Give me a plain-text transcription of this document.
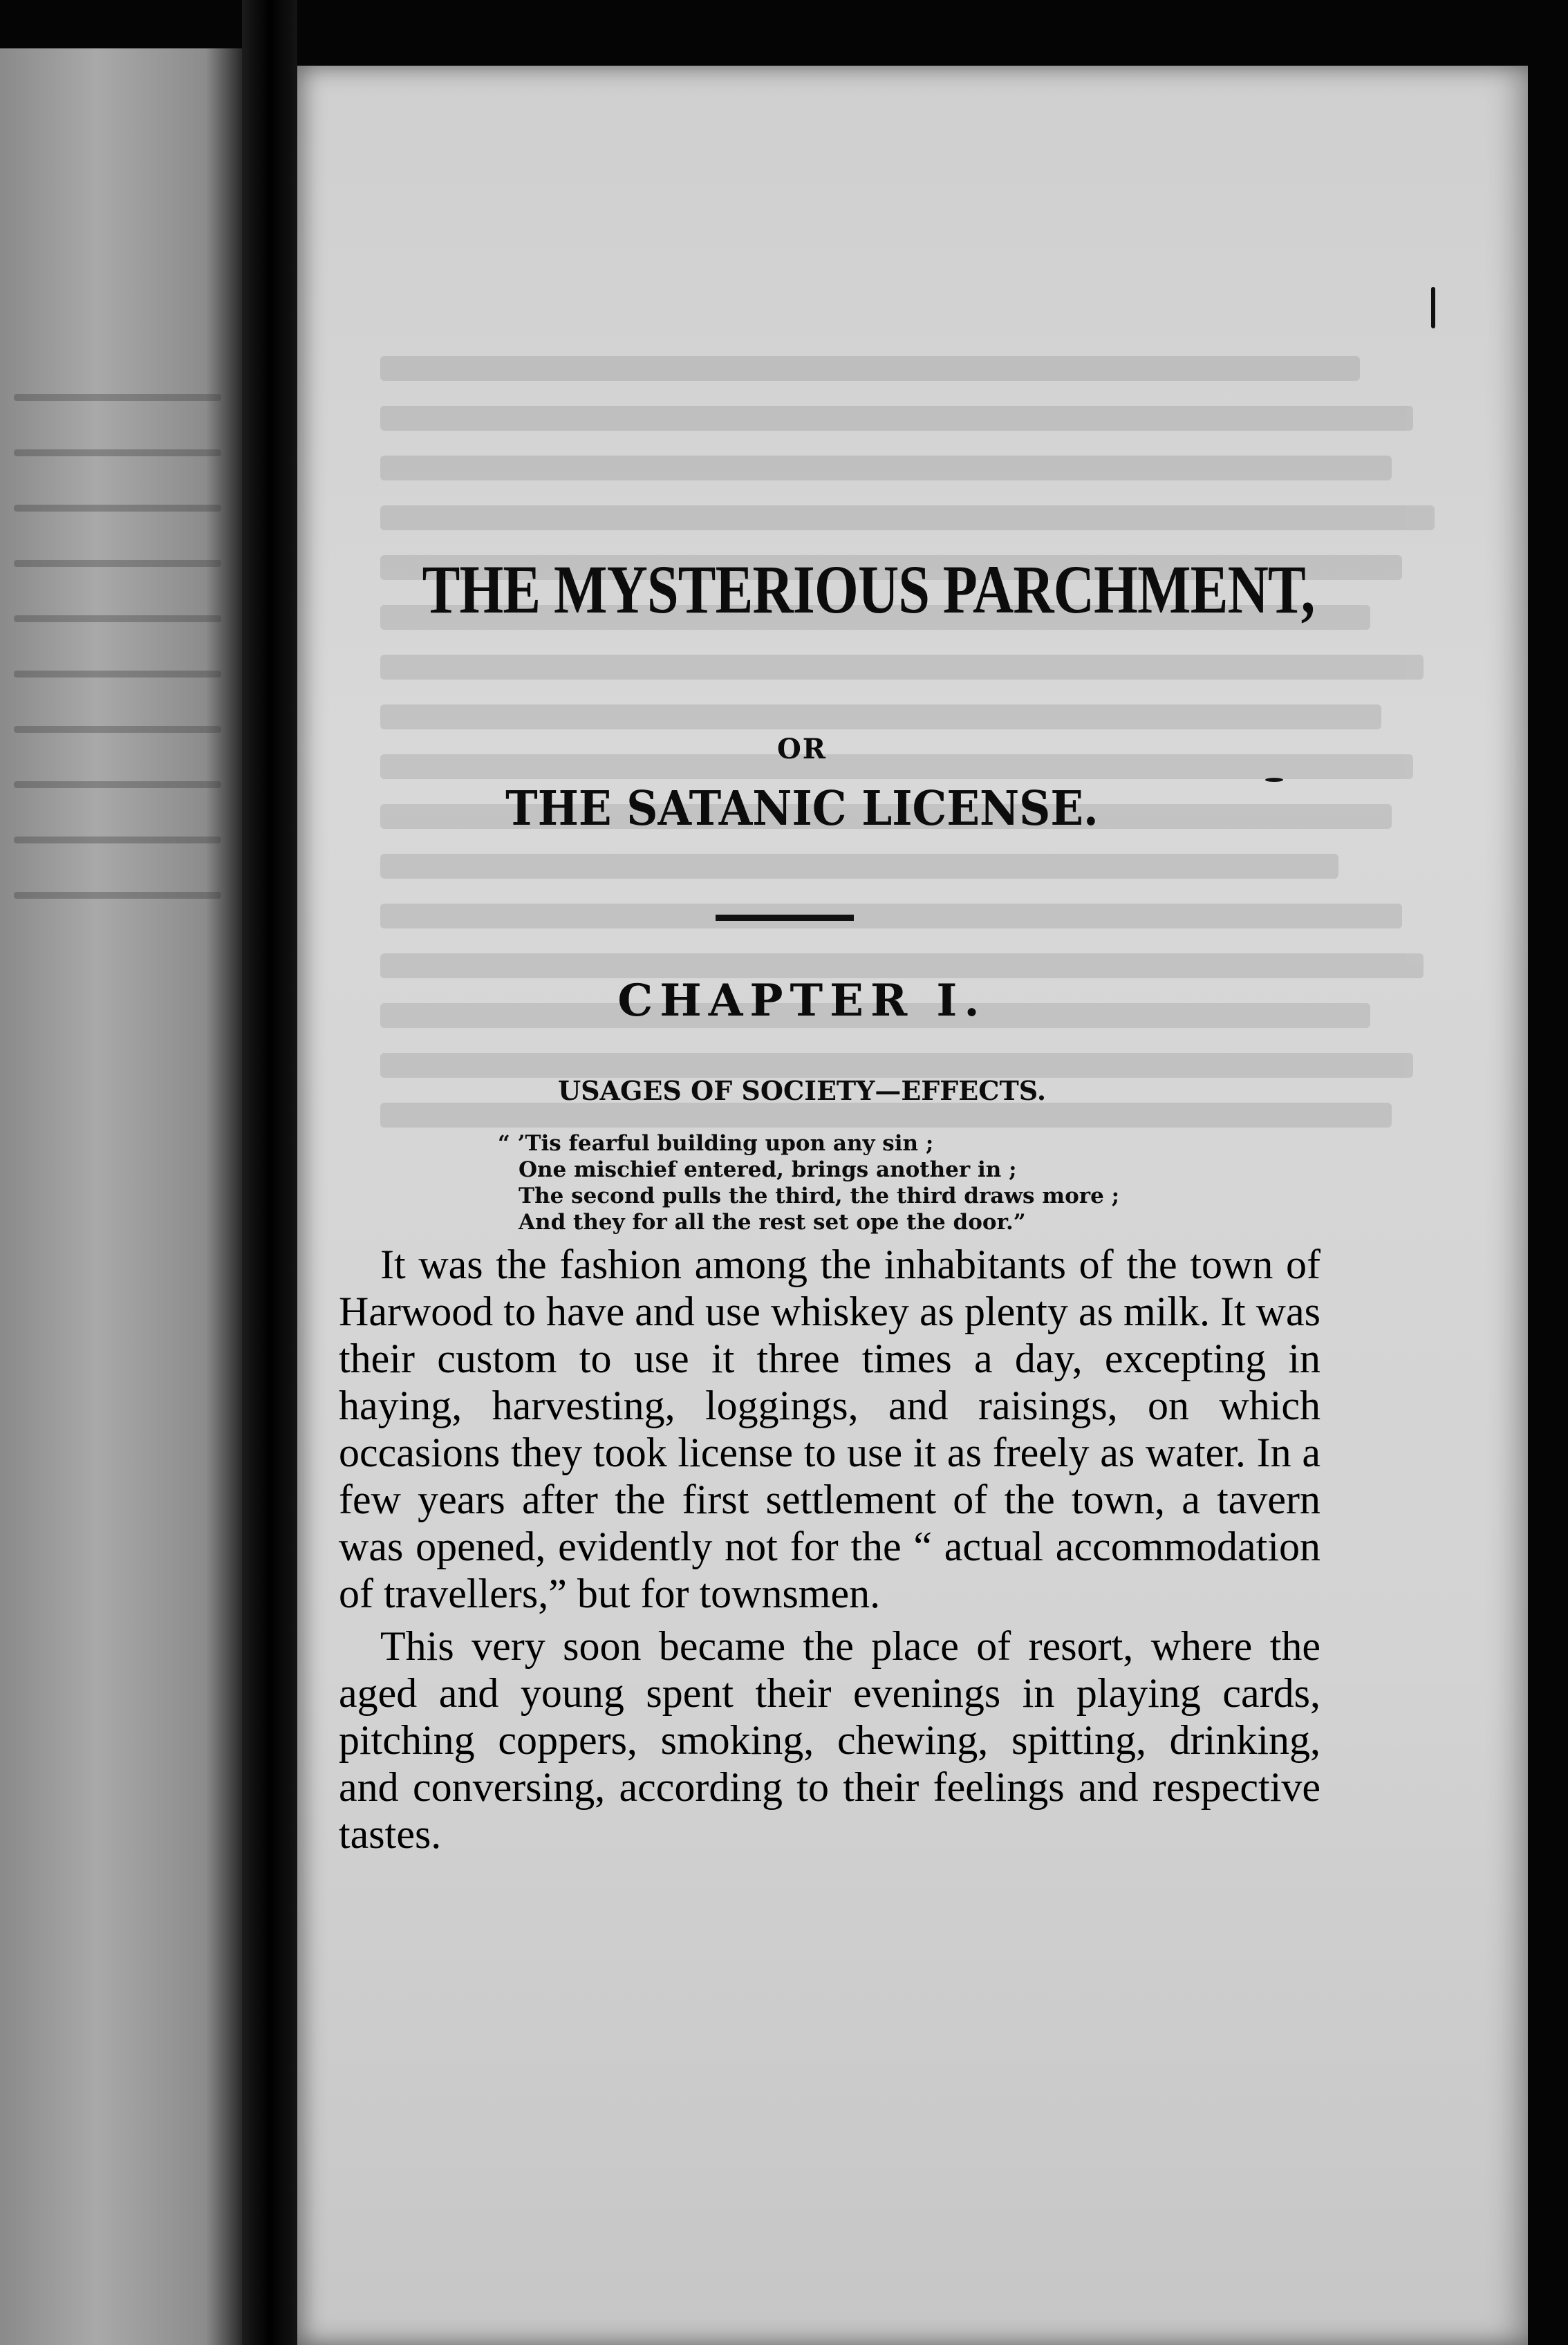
THE MYSTERIOUS PARCHMENT,
OR
THE SATANIC LICENSE.
CHAPTER I.
USAGES OF SOCIETY—EFFECTS.
“ ’Tis fearful building upon any sin ;
One mischief entered, brings another in ;
The second pulls the third, the third draws more ;
And they for all the rest set ope the door.”

It was the fashion among the inhabitants of the town of Harwood to have and use whiskey as plenty as milk. It was their custom to use it three times a day, excepting in haying, harvesting, loggings, and raisings, on which occasions they took license to use it as freely as water. In a few years after the first settlement of the town, a tavern was opened, evidently not for the “ actual accommodation of travellers,” but for townsmen.

This very soon became the place of resort, where the aged and young spent their evenings in playing cards, pitching coppers, smoking, chewing, spitting, drinking, and conversing, according to their feelings and respective tastes.
